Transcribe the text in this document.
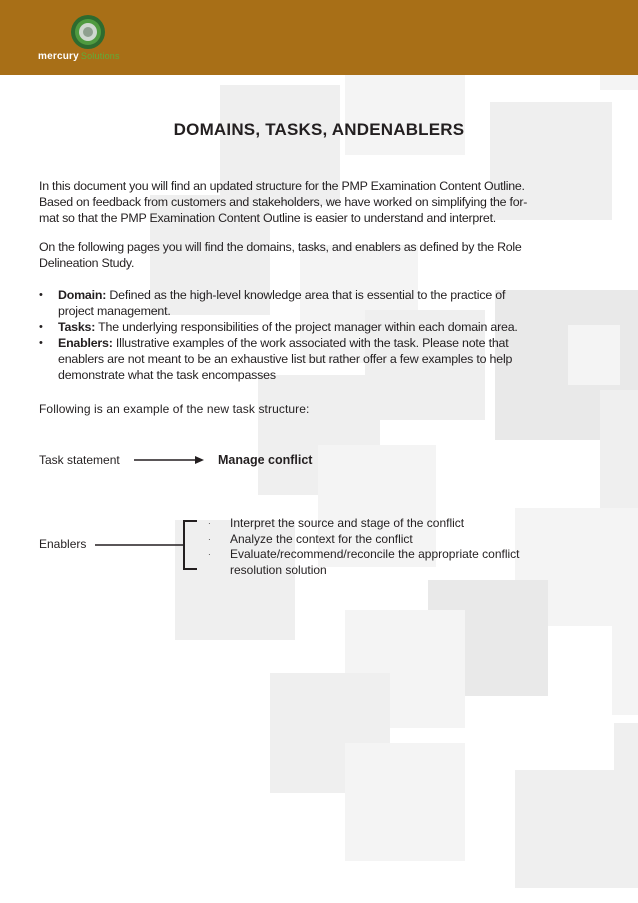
mercury Solutions
DOMAINS, TASKS, ANDENABLERS
In this document you will find an updated structure for the PMP Examination Content Outline.
Based on feedback from customers and stakeholders, we have worked on simplifying the for-
mat so that the PMP Examination Content Outline is easier to understand and interpret.
On the following pages you will find the domains, tasks, and enablers as defined by the Role
Delineation Study.
• Domain: Defined as the high-level knowledge area that is essential to the practice of
project management.
• Tasks: The underlying responsibilities of the project manager within each domain area.
• Enablers: Illustrative examples of the work associated with the task. Please note that
enablers are not meant to be an exhaustive list but rather offer a few examples to help
demonstrate what the task encompasses
Following is an example of the new task structure:
Task statement	Manage conflict
Enablers
· Interpret the source and stage of the conflict
· Analyze the context for the conflict
· Evaluate/recommend/reconcile the appropriate conflict
resolution solution
